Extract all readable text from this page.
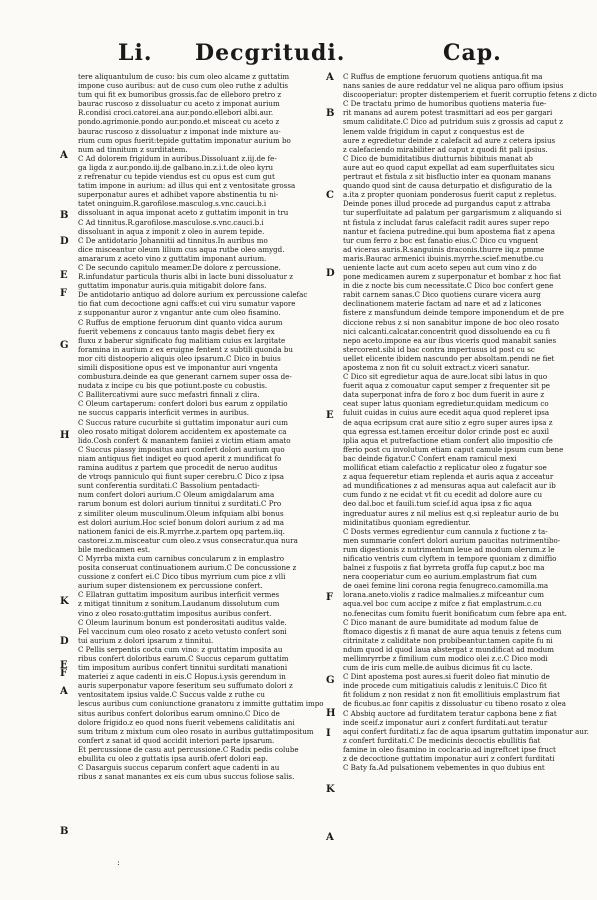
Li. Decgritudi.	Cap.
tere aliquantulum de cuso: bis cum oleo alcame z guttatim
impone cuso auribus: aut de cuso cum oleo ruthe z adultis
tum qui fit ex bumoribus grossis.fac de elleboro pretro z
baurac ruscoso z dissoluatur cu aceto z imponat aurium
R.condisi croci.catorei.ana aur.pondo.ellebori albi.aur.
pondo.agrimonie.pondo aur.pondo.et misceat cu aceto z
baurac ruscoso z dissoluatur z imponat inde mixture au-
rium cum opus fuerit:tepide guttatim imponatur aurium bo
num ad tinnitum z surditatem.
C Ad dolorem frigidum in auribus.Dissoluant z.iij.de fe-
ga ligda z aur.pondo.iij.de galbano.in.z.i.t.de oleo kyru
z refrenatur cu tepide viendus est cu opus est cum gut
tatim impone in aurium: ad illus qui ent z ventositate grossa
superponatur aures et adhibet vapore abstinentia tu ni-
tatet oninguim.R.garofilose.masculog.s.vnc.cauci.b.i
dissoluant in aqua imponat aceto z guttatim imponit in tru
C Ad tinnitus.R.garofilose.masculose.s.vnc.cauci.b.i
dissoluant in aqua z imponit z oleo in aurem tepide.
C De antidotario Johannitii ad tinnitus.In auribus mo
dice misceantur oleum lilium cus aqua rutbe oleo amygd.
amararum z aceto vino z guttatim imponant aurium.
C De secundo capitulo meamer.De dolore z percussione.
R.infundatur particula thuris albi in lacte buni dissoluatur z
guttatim imponatur auris.quia mitigabit dolore fans.
De antidotario antiquo ad dolore aurium ex percussione calefac
tio fiat cum decoctione agni caffs:et cui viru sumatur vapore
z supponantur auror z vngantur ante cum oleo fisamino.
C Ruffus de emptione feruorum dint quanto vidca aurum
fuerit vebemens z concauus tanto magis debet fiery ex
fluxu z baberur significato fug malitiam cuius ex largitate
foramina in aurium z ex eruigne fentent z subtili quonda bu
mor citi distooperio aliquis oleo ipsarum.C Dico in buius
simili dispositione opus est ve imponantur auri vngenta
combustura.deinde ea que generant carnem super ossa de-
nudata z incipe cu bis que potiunt.poste cu cobustis.
C Ballitercativmi aure succ mefastri finnali z clira.
C Oleum cartaperum: confert dolori bus earum z oppilatio
ne succus capparis interficit vermes in auribus.
C Succus rature cucurbite si guttatim imponatur auri cum
oleo rosato mitigat dolorem accidentem ex apostemate ca
lido.Cosh confert & manantem faniiei z victim etiam amato
C Succus piassy impositus auri confert dolori aurium quo
niam antiquus fiet indiget eo quod aperit z mundificat fo
ramina auditus z partem que procedit de neruo auditus
de vtroqs panniculo qui fiunt super cerebru.C Dico z ipsa
sunt conferentia surditati.C Bassolium pentadacti-
num confert dolori aurium.C Oleum amigdalarum ama
rarum bonum est dolori aurium tinnitui z surditati.C Pro
z similiter oleum musculinum.Oleum infquiam albi bonus
est dolori aurium.Hoc scief bonum dolori aurium z ad ma
nationem fanici de eis.R.myrrhe.z.partem opq partem.iiq.
castorei.z.m.misceatur cum oleo.z vsus consecratur.qua nura
bile medicamen est.
C Myrrba mixta cum carnibus concularum z in emplastro
posita conseruat continuationem aurium.C De concussione z
cussione z confert ei.C Dico tibus myrrium cum pice z vlli
aurium super distensionem ex percussione confert.
C Ellatran guttatim impositum auribus interficit vermes
z mitigat tinnitum z sonitum.Laudanum dissolutum cum
vino z oleo rosato:guttatim impositus auribus confert.
C Oleum laurinum bonum est ponderositati auditus valde.
Fel vaccinum cum oleo rosato z aceto vetusto confert soni
tui aurium z dolori ipsarum z tinnitui.
C Pellis serpentis cocta cum vino: z guttatim imposita au
ribus confert doloribus earum.C Succus ceparum guttatim
tim impositum auribus confert tinnitui surditati manationi
materiei z aque cadenti in eis.C Hopus.i.ysis gerendum in
auris superponatur vapore feseritum seu suffumato dolori z
ventositatem ipsius valde.C Succus valde z ruthe cu
lescus auribus cum coniunctione granatoru z immitte guttatim impo
situs auribus confert doloribus earum omnino.C Dico de
dolore frigido.z eo quod nons fuerit vebemens caliditatis ani
sum tritum z mixtum cum oleo rosato in auribus guttatimpositum
confert z sanat id quod accidit interiori parte ipsarum.
Et percussione de casu aut percussione.C Radix pedis colube
ebullita cu oleo z guttatis ipsa aurib.ofert dolori eap.
C Dasarguis succus ceparum confert aque cadenti in au
ribus z sanat manantes ex eis cum ubus succus foliose salis.
C Ruffus de emptione feruorum quotiens antiqua.fit ma
nans sanies de aure reddatur vel ne aliqua paro offium ipsius
discooperiatur: propter distemperiem et fuerit corruptio fetens z dicto
C De tractatu primo de humoribus quotiens materia fue-
rit manans ad aurem potest trasmittari ad eos per gargari
smum caliditate.C Dico ad putridum suis z grossis ad caput z
lenem valde frigidum in caput z conquestus est de
aure z egredietur deinde z calefacit ad aure z cetera ipsius
z calefaciendo mirabiliter ad caput z quodi fit pali ipsius.
C Dico de bumiditatibus diutturnis bibituis manat ab
aure aut eo quod caput expellat ad eam superfluitates sicu
pertraut et fistula z sit bisfluctio inter ea quonam manans
quando quod sint de causa deturpatio et disfiguratio de la
a.ita z propter quoniam ponderosus fuerit caput z repletus.
Deinde pones illud procede ad purgandus caput z attraba
tur superfluitate ad palatum per gargarismum z aliquando si
nt fistula z includat farus calefacit radit aures super repo
nantur et faciena putredine.qui bum apostema fiat z apena
tur cum ferro z boc est fanatio eius.C Dico cu vnguent
ad viceras auris.R.sanguinis draconis.thurre iiq.z pmme
maris.Baurac armenici ibuinis.myrrhe.scief.menutbe.cu
ueniente lacte aut cum aceto sepeu aut cum vino z do
pone medicamen aurem z superponatur et bombar z hoc fiat
in die z nocte bis cum necessitate.C Dico boc confert gene
rabit carnem sanas.C Dico quotiens curare vicera aurg
declinationem materie factam ad nare et ad z laticones
fistere z mansfundum deinde tempore imponendum et de pre
diccione rebus z si non sanabitur impone de boc oleo rosato
nici calcanti.calcatar.concentrit quod dissoluendo ea cu fi
nepo aceto.impone ea aur ibus viceris quod manabit sanies
stercorent.sibi id bac contra impertusus id post cu sc
uellet elicente ibidem nascundo per absoltam.pendi ne fiet
apostema z non fit cu soluit extract.z viceri sanatur.
C Dico sit egredietur aqua de aure.locat sibi latus in quo
fuerit aqua z comouatur caput semper z frequenter sit pe
data superponat infra de foro z boc dum fuerit in aure z
ceat super latus quoniam egredietur.quidam medicum co
fuluit cuidas in cuius aure ecedit aqua quod repleret ipsa
de aqua ecripsum crat aure sitio z egro super aures ipsa z
qua egressa est.tamen erceitur dolor crinde post ec auxil
iplia aqua et putrefactione etiam confert alio impositio cfe
fferio post cu involutum etiam caput camule ipsum cum bene
bac deinde figatur.C Confert enam ramicul mexi
mollificat etiam calefactio z replicatur oleo z fugatur soe
z aqua fequeretur etiam replenda et auris aqua z acceatur
ad mundificationes z ad mensuras aqua aut calefacit aur ib
cum fundo z ne ecidat vt fit cu ecedit ad dolore aure cu
deo dal.boc et fauili.tum scief.id aqua ipsa z fic aqua
ingreduatur aures z nil melius est q.si repleatur aurio de bu
midinitatibus quoniam egredientur.
C Dosts vermes egredientur cum cannula z fuctione z ta-
men summarie confert dolori aurium paucitas nutrimentibo-
rum digestionis z nutrimentum leue ad modum olerum.z le
nificatio ventris cum clyftem in tempore quoniam z dimiffio
balnei z fuspoiis z fiat byrreta groffa fup caput.z boc ma
nera cooperiatur cum eo aurium.emplastrum fiat cum
de oaei femine lini corona regia fenugreco.camomilla.ma
lorana.aneto.violis z radice malmalies.z mifceantur cum
aqua.vel boc cum accipe z mifce z fiat emplastrum.c.cu
no.fenecitas cum fomitu fuerit bonificatum cum febre apa ent.
C Dico manant de aure bumiditate ad modum falue de
ftomaco digestis z fi manat de aure aqua tenuis z fetens cum
citrinitate z caliditate non probibeantur.tamen capite fu ni
ndum quod id quod laua abstergat z mundificat ad modum
mellimryrrbe z fimilium cum modico olei z.c.C Dico modi
cum de iris cum melle.de auibus dicimus fit cu lacte.
C Dint apostema post aures.si fuerit doleo fiat minutio de
inde procede cum mitigatiuis caludis z lenituis.C Dico fit
fit folidum z non residat z non fit emollitiuis emplastrum fiat
de ficubus.ac fonr capitis z dissoluatur cu tibeno rosato z olea
C Absbiq auctore ad furditatem teratur capbona bene z fiat
inde sceif.z imponatur auri z confert furditati.aut teratur
aqui confert furditati.z fac de aqua ipsarum guttatim imponatur aur.
z confert furditati.C De medicinis decoctis ebullitis fiat
famine in oleo fisamino in coclcario.ad ingreftcet ipse fruct
z de decoctione guttatim imponatur auri z confert furditati
C Baty fa.Ad pulsationem vebementes in quo dubius ent
A
B
D
E
F
G
H
K
D
E
F
A
B
A
B
C
D
E
F
G
H
I
K
A
:
